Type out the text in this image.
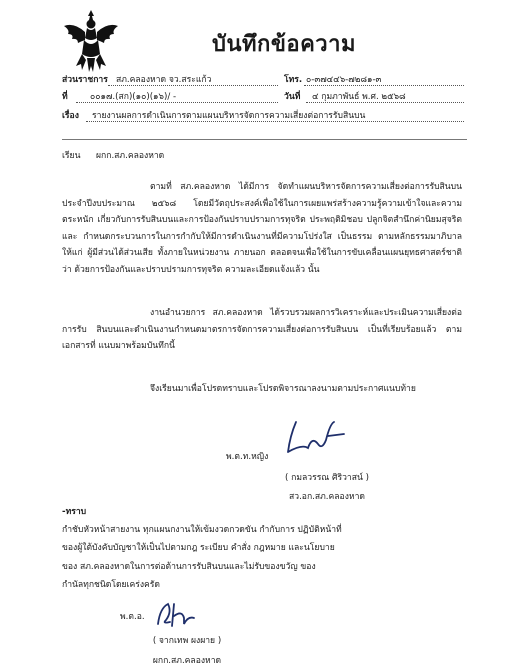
บันทึกข้อความ
ส่วนราชการ สภ.คลองหาด จว.สระแก้ว	โทร. ๐-๓๗๔๔๖-๗๒๘๑-๓
ที่	๐๐๑๗.(สก)(๑๐)(๑๖)/ -	วันที่ ๔ กุมภาพันธ์ พ.ศ. ๒๕๖๘
เรื่อง รายงานผลการดำเนินการตามแผนบริหารจัดการความเสี่ยงต่อการรับสินบน
เรียน ผกก.สภ.คลองหาด
ตามที่ สภ.คลองหาด ได้มีการ จัดทำแผนบริหารจัดการความเสี่ยงต่อการรับสินบน ประจำปีงบประมาณ ๒๕๖๘ โดยมีวัตถุประสงค์เพื่อใช้ในการเผยแพร่สร้างความรู้ความเข้าใจและความตระหนัก เกี่ยวกับการรับสินบนและการป้องกันปราบปรามการทุจริต ประพฤติมิชอบ ปลูกจิตสำนึกค่านิยมสุจริต และ กำหนดกระบวนการในการกำกับให้มีการดำเนินงานที่มีความโปร่งใส เป็นธรรม ตามหลักธรรมมาภิบาล ให้แก่ ผู้มีส่วนได้ส่วนเสีย ทั้งภายในหน่วยงาน ภายนอก ตลอดจนเพื่อใช้ในการขับเคลื่อนแผนยุทธศาสตร์ชาติ ว่า ด้วยการป้องกันและปราบปรามการทุจริต ความละเอียดแจ้งแล้ว นั้น
งานอำนวยการ สภ.คลองหาด ได้รวบรวมผลการวิเคราะห์และประเมินความเสี่ยงต่อการรับ สินบนและดำเนินงานกำหนดมาตรการจัดการความเสี่ยงต่อการรับสินบน เป็นที่เรียบร้อยแล้ว ตามเอกสารที่ แนบมาพร้อมบันทึกนี้
จึงเรียนมาเพื่อโปรดทราบและโปรดพิจารณาลงนามตามประกาศแนบท้าย
พ.ต.ท.หญิง
( กมลวรรณ ศิริวาสน์ )
สว.อก.สภ.คลองหาด
-ทราบ
กำชับหัวหน้าสายงาน ทุกแผนกงานให้เข้มงวดกวดขัน กำกับการ ปฏิบัติหน้าที่
ของผู้ใต้บังคับบัญชาให้เป็นไปตามกฎ ระเบียบ คำสั่ง กฎหมาย และนโยบาย
ของ สภ.คลองหาดในการต่อต้านการรับสินบนและไม่รับของขวัญ ของ
กำนัลทุกชนิดโดยเคร่งครัด
พ.ต.อ.
( จากเทพ ผงผาย )
ผกก.สภ.คลองหาด
